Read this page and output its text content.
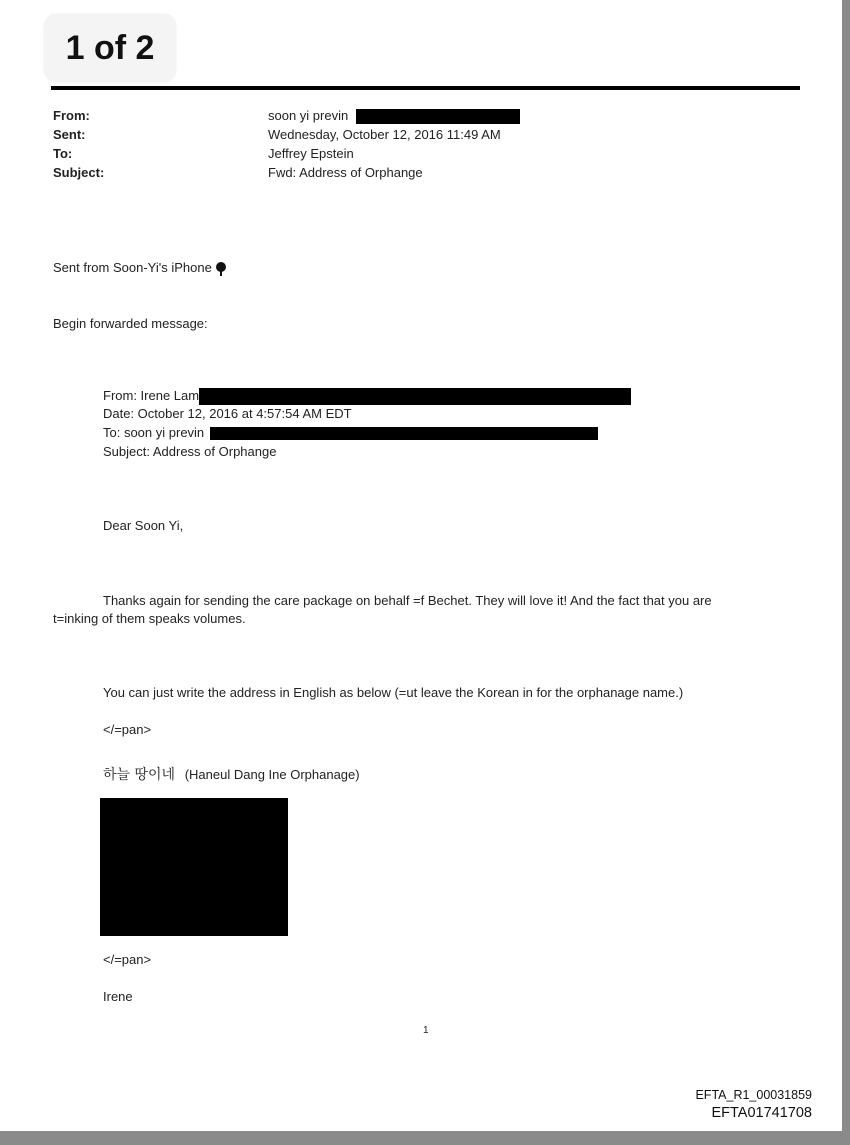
1 of 2
From:	soon yi previn
Sent:	Wednesday, October 12, 2016 11:49 AM
To:	Jeffrey Epstein
Subject:	Fwd: Address of Orphange
Sent from Soon-Yi's iPhone
Begin forwarded message:
From: Irene Lam
Date: October 12, 2016 at 4:57:54 AM EDT
To: soon yi previn
Subject: Address of Orphange
Dear Soon Yi,
Thanks again for sending the care package on behalf =f Bechet. They will love it! And the fact that you are
t=inking of them speaks volumes.
You can just write the address in English as below (=ut leave the Korean in for the orphanage name.)
</=pan>
하늘 땅이네 (Haneul Dang Ine Orphanage)
</=pan>
Irene
1
EFTA_R1_00031859
EFTA01741708
